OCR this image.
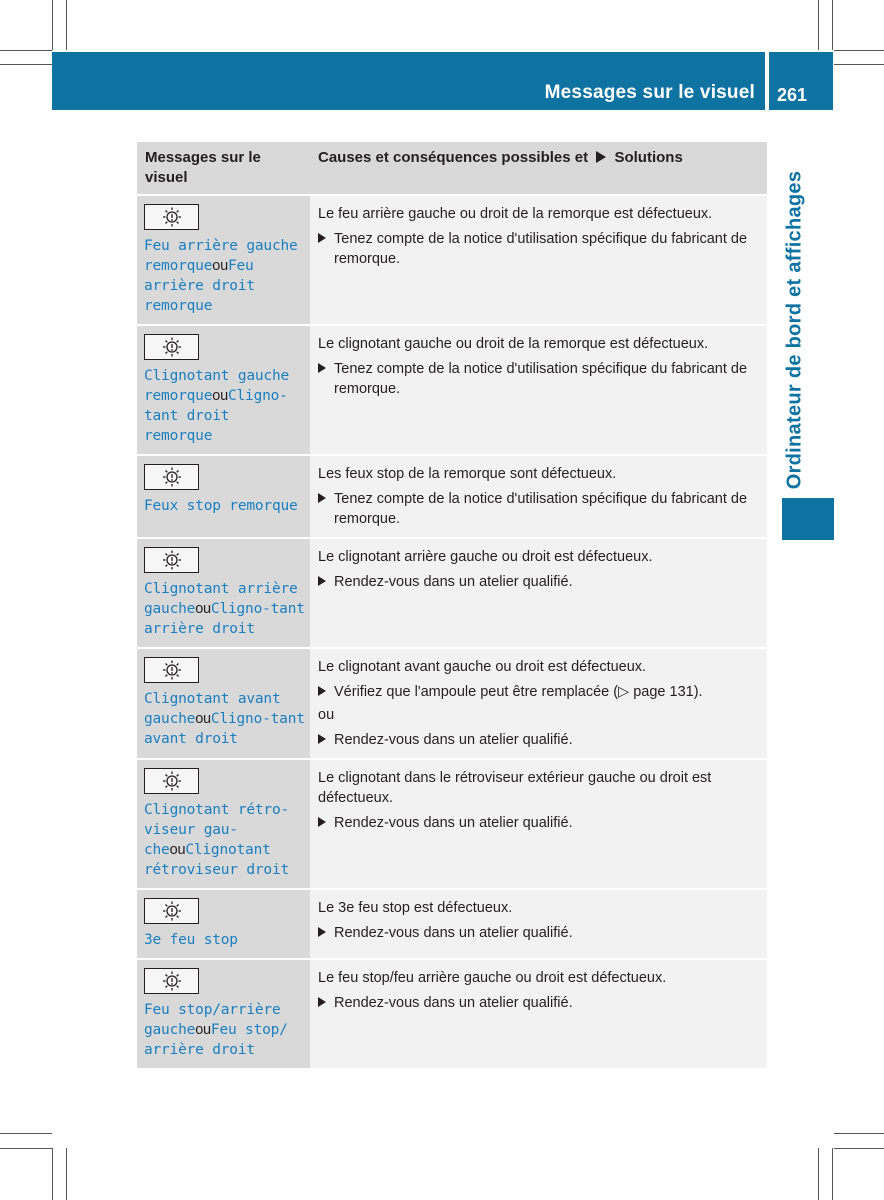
Messages sur le visuel 261
Ordinateur de bord et affichages
Messages sur le visuel	Causes et conséquences possibles et Solutions

Feu arrière gauche remorqueouFeu arrière droit remorque	Le feu arrière gauche ou droit de la remorque est défectueux.

Tenez compte de la notice d'utilisation spécifique du fabricant de remorque.

Clignotant gauche remorqueouCligno-tant droit remorque	Le clignotant gauche ou droit de la remorque est défectueux.

Tenez compte de la notice d'utilisation spécifique du fabricant de remorque.

Feux stop remorque	Les feux stop de la remorque sont défectueux.

Tenez compte de la notice d'utilisation spécifique du fabricant de remorque.

Clignotant arrière gaucheouCligno-tant arrière droit	Le clignotant arrière gauche ou droit est défectueux.

Rendez-vous dans un atelier qualifié.

Clignotant avant gaucheouCligno-tant avant droit	Le clignotant avant gauche ou droit est défectueux.

Vérifiez que l'ampoule peut être remplacée (▷ page 131).

ou

Rendez-vous dans un atelier qualifié.

Clignotant rétro-viseur gau-cheouClignotant rétroviseur droit	Le clignotant dans le rétroviseur extérieur gauche ou droit est défectueux.

Rendez-vous dans un atelier qualifié.

3e feu stop	Le 3e feu stop est défectueux.

Rendez-vous dans un atelier qualifié.

Feu stop/arrière gaucheouFeu stop/ arrière droit	Le feu stop/feu arrière gauche ou droit est défectueux.

Rendez-vous dans un atelier qualifié.
